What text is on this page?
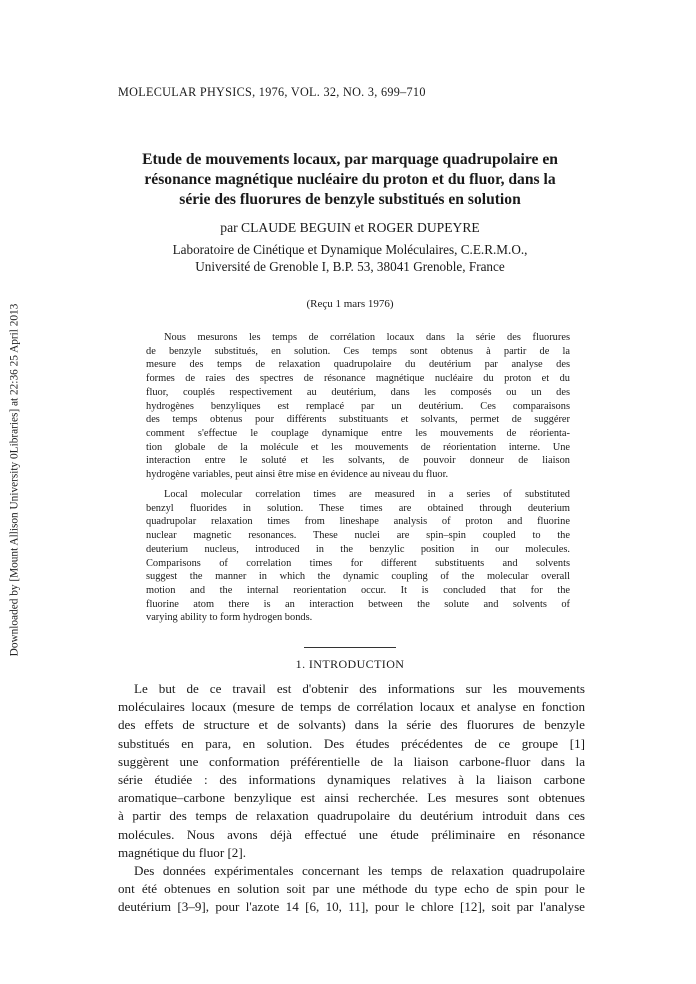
Downloaded by [Mount Allison University 0Libraries] at 22:36 25 April 2013
MOLECULAR PHYSICS, 1976, VOL. 32, NO. 3, 699–710
Etude de mouvements locaux, par marquage quadrupolaire en
résonance magnétique nucléaire du proton et du fluor, dans la
série des fluorures de benzyle substitués en solution
par CLAUDE BEGUIN et ROGER DUPEYRE
Laboratoire de Cinétique et Dynamique Moléculaires, C.E.R.M.O.,
Université de Grenoble I, B.P. 53, 38041 Grenoble, France
(Reçu 1 mars 1976)
Nous mesurons les temps de corrélation locaux dans la série des fluorures
de benzyle substitués, en solution. Ces temps sont obtenus à partir de la
mesure des temps de relaxation quadrupolaire du deutérium par analyse des
formes de raies des spectres de résonance magnétique nucléaire du proton et du
fluor, couplés respectivement au deutérium, dans les composés ou un des
hydrogènes benzyliques est remplacé par un deutérium. Ces comparaisons
des temps obtenus pour différents substituants et solvants, permet de suggérer
comment s'effectue le couplage dynamique entre les mouvements de réorienta-
tion globale de la molécule et les mouvements de réorientation interne. Une
interaction entre le soluté et les solvants, de pouvoir donneur de liaison
hydrogène variables, peut ainsi être mise en évidence au niveau du fluor.
Local molecular correlation times are measured in a series of substituted
benzyl fluorides in solution. These times are obtained through deuterium
quadrupolar relaxation times from lineshape analysis of proton and fluorine
nuclear magnetic resonances. These nuclei are spin–spin coupled to the
deuterium nucleus, introduced in the benzylic position in our molecules.
Comparisons of correlation times for different substituents and solvents
suggest the manner in which the dynamic coupling of the molecular overall
motion and the internal reorientation occur. It is concluded that for the
fluorine atom there is an interaction between the solute and solvents of
varying ability to form hydrogen bonds.
1. INTRODUCTION
Le but de ce travail est d'obtenir des informations sur les mouvements
moléculaires locaux (mesure de temps de corrélation locaux et analyse en fonction
des effets de structure et de solvants) dans la série des fluorures de benzyle
substitués en para, en solution. Des études précédentes de ce groupe [1]
suggèrent une conformation préférentielle de la liaison carbone-fluor dans la
série étudiée : des informations dynamiques relatives à la liaison carbone
aromatique–carbone benzylique est ainsi recherchée. Les mesures sont obtenues
à partir des temps de relaxation quadrupolaire du deutérium introduit dans ces
molécules. Nous avons déjà effectué une étude préliminaire en résonance
magnétique du fluor [2].
Des données expérimentales concernant les temps de relaxation quadrupolaire
ont été obtenues en solution soit par une méthode du type echo de spin pour le
deutérium [3–9], pour l'azote 14 [6, 10, 11], pour le chlore [12], soit par l'analyse
